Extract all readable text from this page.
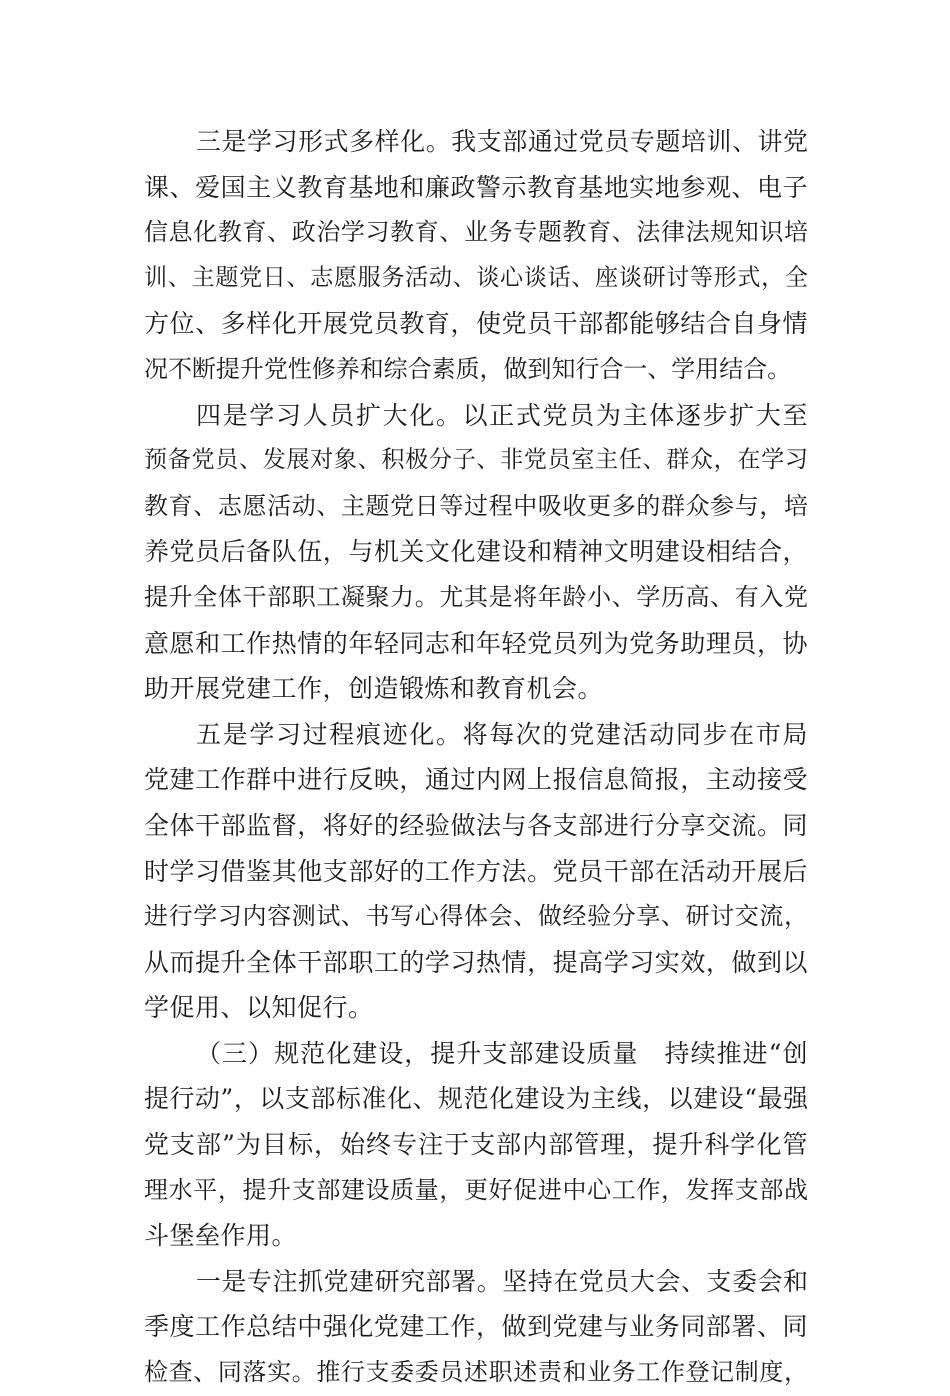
三是学习形式多样化。我支部通过党员专题培训、讲党
课、爱国主义教育基地和廉政警示教育基地实地参观、电子
信息化教育、政治学习教育、业务专题教育、法律法规知识培
训、主题党日、志愿服务活动、谈心谈话、座谈研讨等形式，全
方位、多样化开展党员教育，使党员干部都能够结合自身情
况不断提升党性修养和综合素质，做到知行合一、学用结合。
四是学习人员扩大化。以正式党员为主体逐步扩大至
预备党员、发展对象、积极分子、非党员室主任、群众，在学习
教育、志愿活动、主题党日等过程中吸收更多的群众参与，培
养党员后备队伍，与机关文化建设和精神文明建设相结合，
提升全体干部职工凝聚力。尤其是将年龄小、学历高、有入党
意愿和工作热情的年轻同志和年轻党员列为党务助理员，协
助开展党建工作，创造锻炼和教育机会。
五是学习过程痕迹化。将每次的党建活动同步在市局
党建工作群中进行反映，通过内网上报信息简报，主动接受
全体干部监督，将好的经验做法与各支部进行分享交流。同
时学习借鉴其他支部好的工作方法。党员干部在活动开展后
进行学习内容测试、书写心得体会、做经验分享、研讨交流，
从而提升全体干部职工的学习热情，提高学习实效，做到以
学促用、以知促行。
（三）规范化建设，提升支部建设质量　持续推进“创
提行动”，以支部标准化、规范化建设为主线，以建设“最强
党支部”为目标，始终专注于支部内部管理，提升科学化管
理水平，提升支部建设质量，更好促进中心工作，发挥支部战
斗堡垒作用。
一是专注抓党建研究部署。坚持在党员大会、支委会和
季度工作总结中强化党建工作，做到党建与业务同部署、同
检查、同落实。推行支委委员述职述责和业务工作登记制度，
